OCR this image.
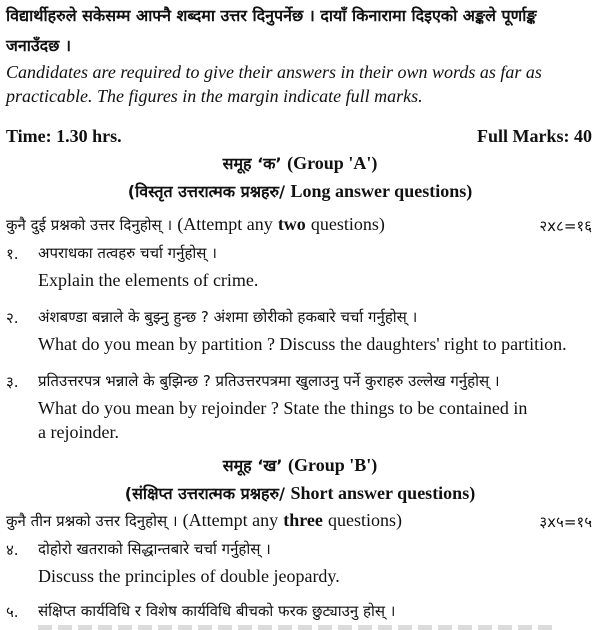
विद्यार्थीहरुले सकेसम्म आफ्नै शब्दमा उत्तर दिनुपर्नेछ । दायाँ किनारामा दिइएको अङ्कले पूर्णाङ्क
जनाउँदछ ।
Candidates are required to give their answers in their own words as far as
practicable. The figures in the margin indicate full marks.
Time: 1.30 hrs.	Full Marks: 40
समूह ‘क’ (Group 'A')
(विस्तृत उत्तरात्मक प्रश्नहरु/ Long answer questions)
कुनै दुई प्रश्नको उत्तर दिनुहोस् । (Attempt any two questions)	२x८=१६
१. अपराधका तत्वहरु चर्चा गर्नुहोस् ।
Explain the elements of crime.
२. अंशबण्डा बन्नाले के बुझ्नु हुन्छ ? अंशमा छोरीको हकबारे चर्चा गर्नुहोस् ।
What do you mean by partition ? Discuss the daughters' right to partition.
३. प्रतिउत्तरपत्र भन्नाले के बुझिन्छ ? प्रतिउत्तरपत्रमा खुलाउनु पर्ने कुराहरु उल्लेख गर्नुहोस् ।
What do you mean by rejoinder ? State the things to be contained in
a rejoinder.
समूह ‘ख’ (Group 'B')
(संक्षिप्त उत्तरात्मक प्रश्नहरु/ Short answer questions)
कुनै तीन प्रश्नको उत्तर दिनुहोस् । (Attempt any three questions)	३x५=१५
४. दोहोरो खतराको सिद्धान्तबारे चर्चा गर्नुहोस् ।
Discuss the principles of double jeopardy.
५. संक्षिप्त कार्यविधि र विशेष कार्यविधि बीचको फरक छुट्याउनु होस् ।
